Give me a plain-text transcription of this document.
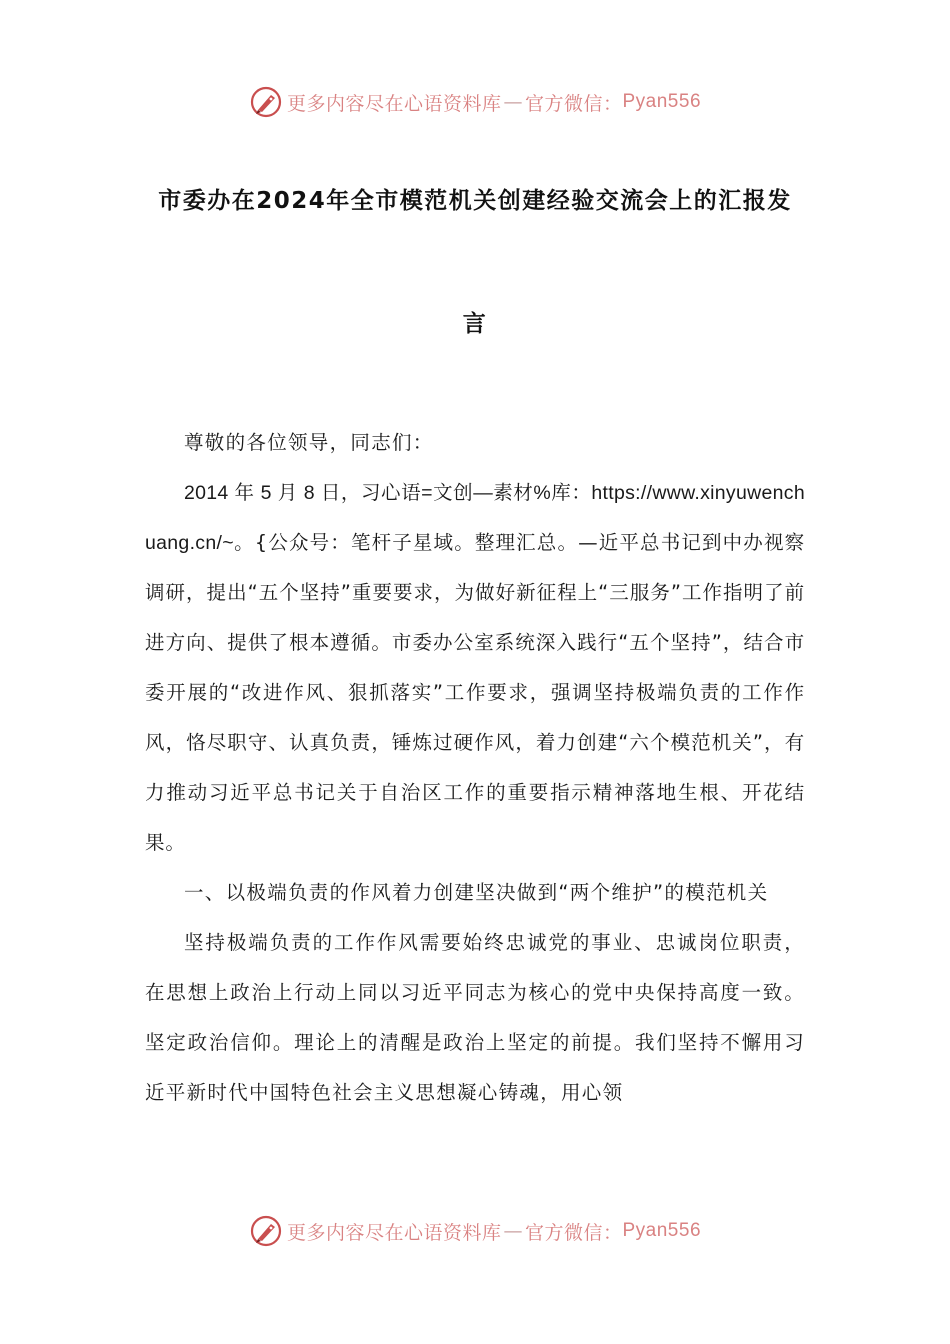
更多内容尽在心语资料库 — 官方微信： Pyan556
市委办在2024年全市模范机关创建经验交流会上的汇报发
言

尊敬的各位领导，同志们：

2014 年 5 月 8 日，习心语=文创—素材%库：https://www.xinyuwenchuang.cn/~。{公众号：笔杆子星域。整理汇总。—近平总书记到中办视察调研，提出“五个坚持”重要要求，为做好新征程上“三服务”工作指明了前进方向、提供了根本遵循。市委办公室系统深入践行“五个坚持”，结合市委开展的“改进作风、狠抓落实”工作要求，强调坚持极端负责的工作作风，恪尽职守、认真负责，锤炼过硬作风，着力创建“六个模范机关”，有力推动习近平总书记关于自治区工作的重要指示精神落地生根、开花结果。

一、以极端负责的作风着力创建坚决做到“两个维护”的模范机关

坚持极端负责的工作作风需要始终忠诚党的事业、忠诚岗位职责，在思想上政治上行动上同以习近平同志为核心的党中央保持高度一致。坚定政治信仰。理论上的清醒是政治上坚定的前提。我们坚持不懈用习近平新时代中国特色社会主义思想凝心铸魂，用心领

更多内容尽在心语资料库 — 官方微信： Pyan556
